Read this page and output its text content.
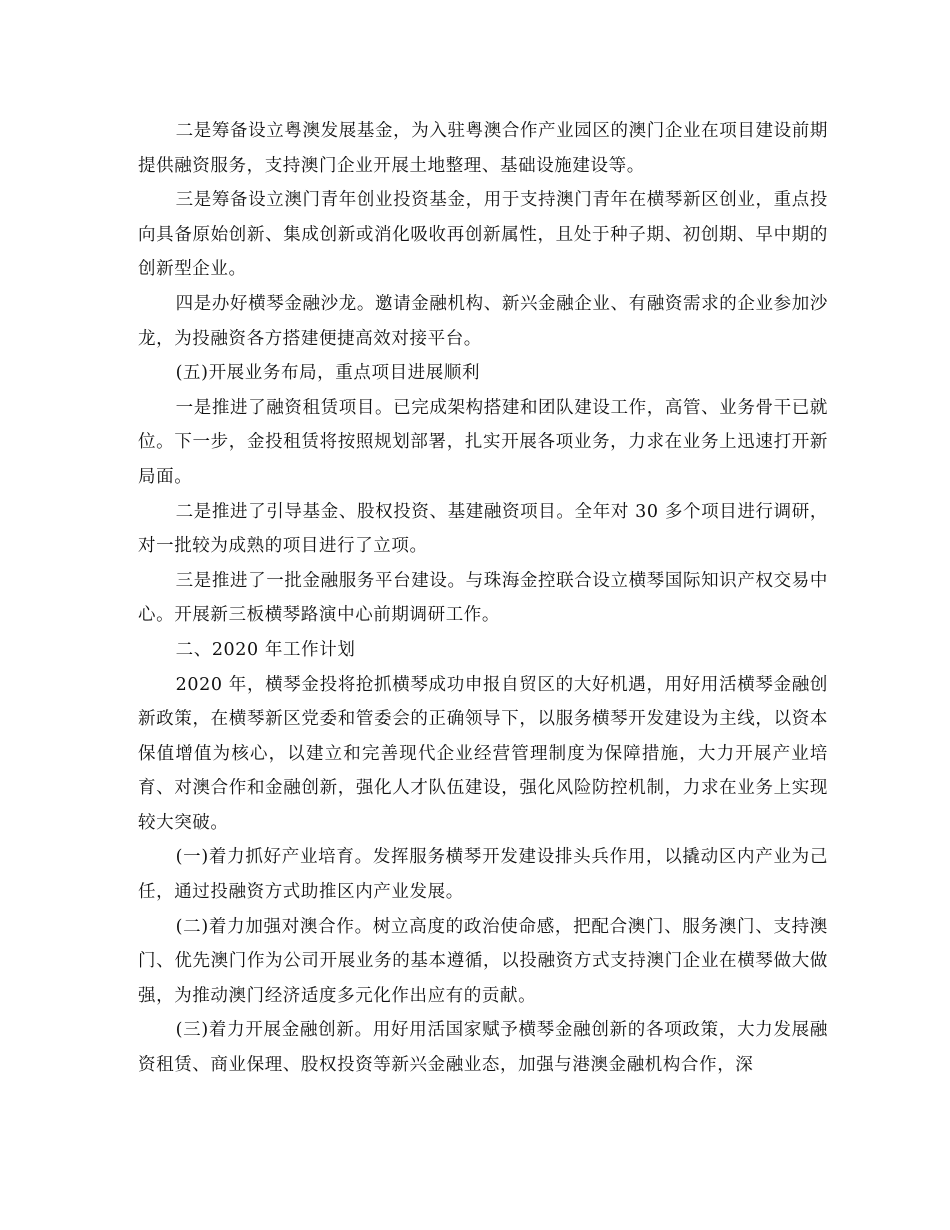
二是筹备设立粤澳发展基金，为入驻粤澳合作产业园区的澳门企业在项目建设前期提供融资服务，支持澳门企业开展土地整理、基础设施建设等。

三是筹备设立澳门青年创业投资基金，用于支持澳门青年在横琴新区创业，重点投向具备原始创新、集成创新或消化吸收再创新属性，且处于种子期、初创期、早中期的创新型企业。

四是办好横琴金融沙龙。邀请金融机构、新兴金融企业、有融资需求的企业参加沙龙，为投融资各方搭建便捷高效对接平台。

(五)开展业务布局，重点项目进展顺利

一是推进了融资租赁项目。已完成架构搭建和团队建设工作，高管、业务骨干已就位。下一步，金投租赁将按照规划部署，扎实开展各项业务，力求在业务上迅速打开新局面。

二是推进了引导基金、股权投资、基建融资项目。全年对 30 多个项目进行调研，对一批较为成熟的项目进行了立项。

三是推进了一批金融服务平台建设。与珠海金控联合设立横琴国际知识产权交易中心。开展新三板横琴路演中心前期调研工作。

二、2020 年工作计划

2020 年，横琴金投将抢抓横琴成功申报自贸区的大好机遇，用好用活横琴金融创新政策，在横琴新区党委和管委会的正确领导下，以服务横琴开发建设为主线，以资本保值增值为核心，以建立和完善现代企业经营管理制度为保障措施，大力开展产业培育、对澳合作和金融创新，强化人才队伍建设，强化风险防控机制，力求在业务上实现较大突破。

(一)着力抓好产业培育。发挥服务横琴开发建设排头兵作用，以撬动区内产业为己任，通过投融资方式助推区内产业发展。

(二)着力加强对澳合作。树立高度的政治使命感，把配合澳门、服务澳门、支持澳门、优先澳门作为公司开展业务的基本遵循，以投融资方式支持澳门企业在横琴做大做强，为推动澳门经济适度多元化作出应有的贡献。

(三)着力开展金融创新。用好用活国家赋予横琴金融创新的各项政策，大力发展融资租赁、商业保理、股权投资等新兴金融业态，加强与港澳金融机构合作，深
